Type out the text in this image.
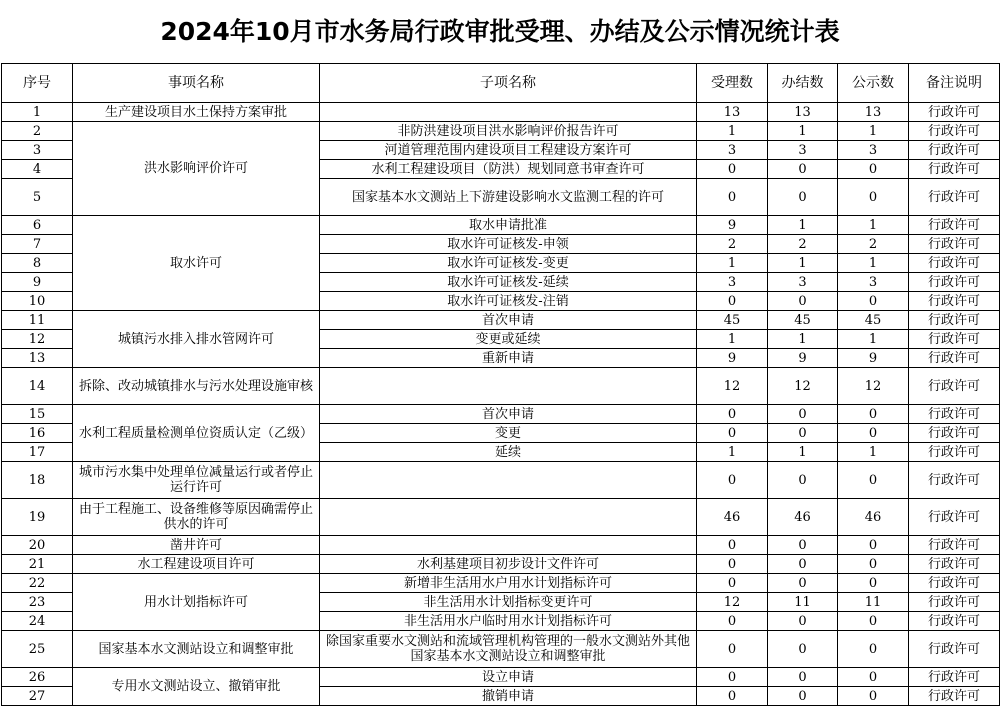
2024年10月市水务局行政审批受理、办结及公示情况统计表
序号	事项名称	子项名称	受理数	办结数	公示数	备注说明
1	生产建设项目水土保持方案审批		13	13	13	行政许可
2	洪水影响评价许可	非防洪建设项目洪水影响评价报告许可	1	1	1	行政许可
3		河道管理范围内建设项目工程建设方案许可	3	3	3	行政许可
4		水利工程建设项目（防洪）规划同意书审查许可	0	0	0	行政许可
5		国家基本水文测站上下游建设影响水文监测工程的许可	0	0	0	行政许可
6	取水许可	取水申请批准	9	1	1	行政许可
7		取水许可证核发-申领	2	2	2	行政许可
8		取水许可证核发-变更	1	1	1	行政许可
9		取水许可证核发-延续	3	3	3	行政许可
10		取水许可证核发-注销	0	0	0	行政许可
11	城镇污水排入排水管网许可	首次申请	45	45	45	行政许可
12		变更或延续	1	1	1	行政许可
13		重新申请	9	9	9	行政许可
14	拆除、改动城镇排水与污水处理设施审核		12	12	12	行政许可
15	水利工程质量检测单位资质认定（乙级）	首次申请	0	0	0	行政许可
16		变更	0	0	0	行政许可
17		延续	1	1	1	行政许可
18	城市污水集中处理单位减量运行或者停止运行许可		0	0	0	行政许可
19	由于工程施工、设备维修等原因确需停止供水的许可		46	46	46	行政许可
20	凿井许可		0	0	0	行政许可
21	水工程建设项目许可	水利基建项目初步设计文件许可	0	0	0	行政许可
22	用水计划指标许可	新增非生活用水户用水计划指标许可	0	0	0	行政许可
23		非生活用水计划指标变更许可	12	11	11	行政许可
24		非生活用水户临时用水计划指标许可	0	0	0	行政许可
25	国家基本水文测站设立和调整审批	除国家重要水文测站和流域管理机构管理的一般水文测站外其他国家基本水文测站设立和调整审批	0	0	0	行政许可
26	专用水文测站设立、撤销审批	设立申请	0	0	0	行政许可
27		撤销申请	0	0	0	行政许可
